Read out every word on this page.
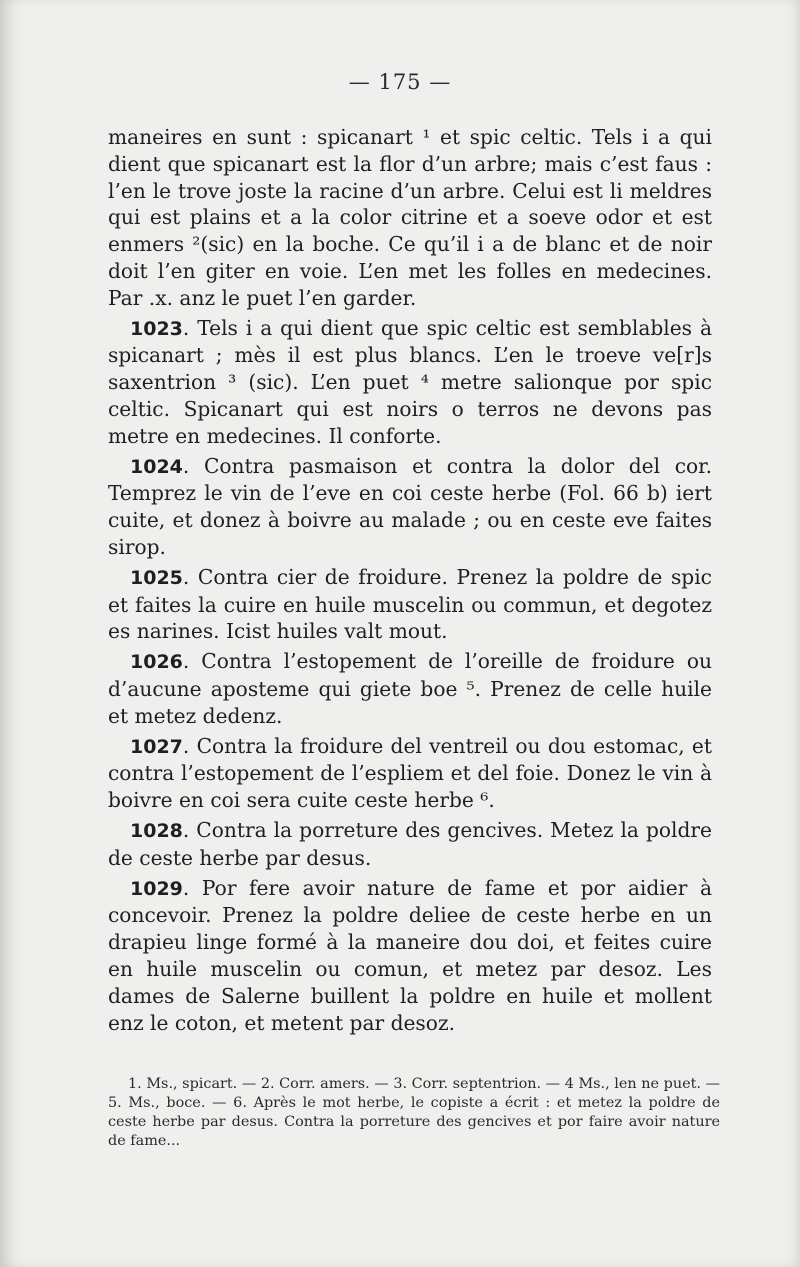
— 175 —

maneires en sunt : spicanart ¹ et spic celtic. Tels i a qui dient que spicanart est la flor d’un arbre; mais c’est faus : l’en le trove joste la racine d’un arbre. Celui est li meldres qui est plains et a la color citrine et a soeve odor et est enmers ²(sic) en la boche. Ce qu’il i a de blanc et de noir doit l’en giter en voie. L’en met les folles en medecines. Par .x. anz le puet l’en garder.

1023. Tels i a qui dient que spic celtic est semblables à spicanart ; mès il est plus blancs. L’en le troeve ve[r]s saxentrion ³ (sic). L’en puet ⁴ metre salionque por spic celtic. Spicanart qui est noirs o terros ne devons pas metre en medecines. Il conforte.

1024. Contra pasmaison et contra la dolor del cor. Temprez le vin de l’eve en coi ceste herbe (Fol. 66 b) iert cuite, et donez à boivre au malade ; ou en ceste eve faites sirop.

1025. Contra cier de froidure. Prenez la poldre de spic et faites la cuire en huile muscelin ou commun, et degotez es narines. Icist huiles valt mout.

1026. Contra l’estopement de l’oreille de froidure ou d’aucune aposteme qui giete boe ⁵. Prenez de celle huile et metez dedenz.

1027. Contra la froidure del ventreil ou dou estomac, et contra l’estopement de l’espliem et del foie. Donez le vin à boivre en coi sera cuite ceste herbe ⁶.

1028. Contra la porreture des gencives. Metez la poldre de ceste herbe par desus.

1029. Por fere avoir nature de fame et por aidier à concevoir. Prenez la poldre deliee de ceste herbe en un drapieu linge formé à la maneire dou doi, et feites cuire en huile muscelin ou comun, et metez par desoz. Les dames de Salerne buillent la poldre en huile et mollent enz le coton, et metent par desoz.

1. Ms., spicart. — 2. Corr. amers. — 3. Corr. septentrion. — 4 Ms., len ne puet. — 5. Ms., boce. — 6. Après le mot herbe, le copiste a écrit : et metez la poldre de ceste herbe par desus. Contra la porreture des gencives et por faire avoir nature de fame...
